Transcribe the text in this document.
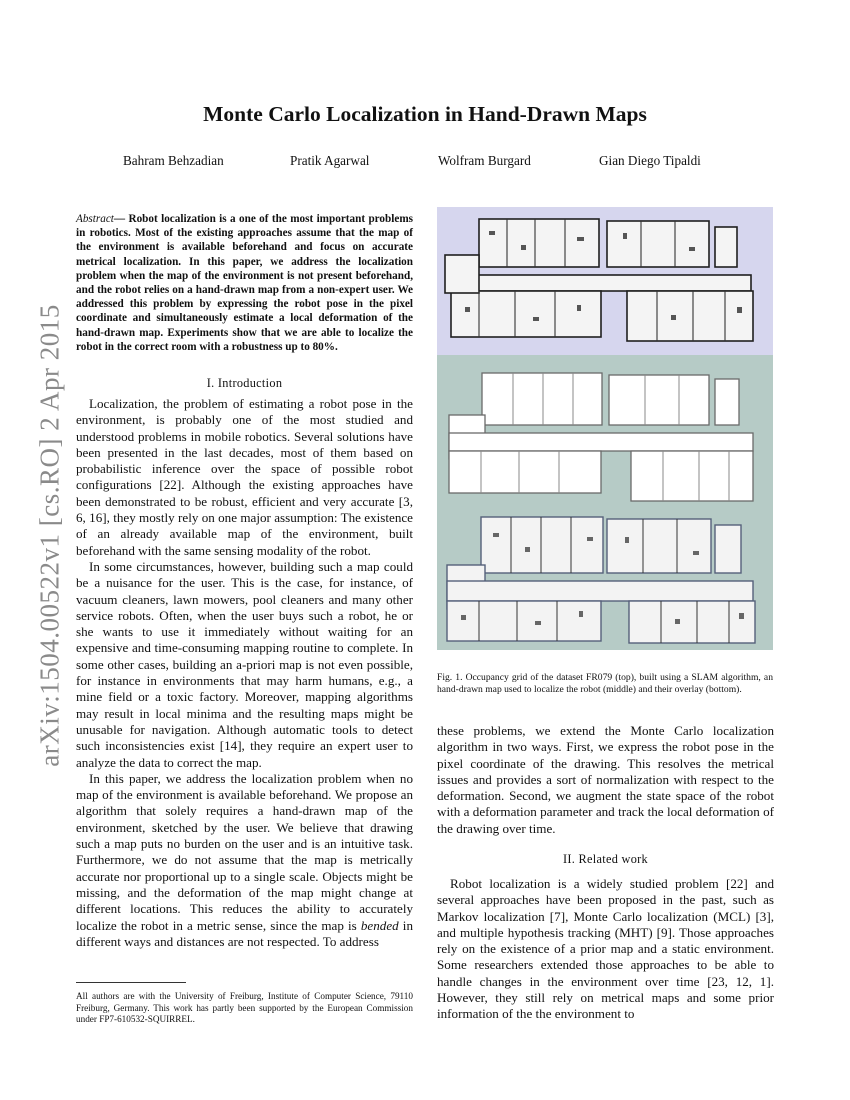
arXiv:1504.00522v1 [cs.RO] 2 Apr 2015
Monte Carlo Localization in Hand-Drawn Maps
Bahram Behzadian	Pratik Agarwal	Wolfram Burgard	Gian Diego Tipaldi
Abstract— Robot localization is a one of the most important problems in robotics. Most of the existing approaches assume that the map of the environment is available beforehand and focus on accurate metrical localization. In this paper, we address the localization problem when the map of the environment is not present beforehand, and the robot relies on a hand-drawn map from a non-expert user. We addressed this problem by expressing the robot pose in the pixel coordinate and simultaneously estimate a local deformation of the hand-drawn map. Experiments show that we are able to localize the robot in the correct room with a robustness up to 80%.
I. Introduction

Localization, the problem of estimating a robot pose in the environment, is probably one of the most studied and understood problems in mobile robotics. Several solutions have been presented in the last decades, most of them based on probabilistic inference over the space of possible robot configurations [22]. Although the existing approaches have been demonstrated to be robust, efficient and very accurate [3, 6, 16], they mostly rely on one major assumption: The existence of an already available map of the environment, built beforehand with the same sensing modality of the robot.

In some circumstances, however, building such a map could be a nuisance for the user. This is the case, for instance, of vacuum cleaners, lawn mowers, pool cleaners and many other service robots. Often, when the user buys such a robot, he or she wants to use it immediately without waiting for an expensive and time-consuming mapping routine to complete. In some other cases, building an a-priori map is not even possible, for instance in environments that may harm humans, e.g., a mine field or a toxic factory. Moreover, mapping algorithms may result in local minima and the resulting maps might be unusable for navigation. Although automatic tools to detect such inconsistencies exist [14], they require an expert user to analyze the data to correct the map.

In this paper, we address the localization problem when no map of the environment is available beforehand. We propose an algorithm that solely requires a hand-drawn map of the environment, sketched by the user. We believe that drawing such a map puts no burden on the user and is an intuitive task. Furthermore, we do not assume that the map is metrically accurate nor proportional up to a single scale. Objects might be missing, and the deformation of the map might change at different locations. This reduces the ability to accurately localize the robot in a metric sense, since the map is bended in different ways and distances are not respected. To address

All authors are with the University of Freiburg, Institute of Computer Science, 79110 Freiburg, Germany. This work has partly been supported by the European Commission under FP7-610532-SQUIRREL.
Fig. 1. Occupancy grid of the dataset FR079 (top), built using a SLAM algorithm, an hand-drawn map used to localize the robot (middle) and their overlay (bottom).

these problems, we extend the Monte Carlo localization algorithm in two ways. First, we express the robot pose in the pixel coordinate of the drawing. This resolves the metrical issues and provides a sort of normalization with respect to the deformation. Second, we augment the state space of the robot with a deformation parameter and track the local deformation of the drawing over time.

II. Related work

Robot localization is a widely studied problem [22] and several approaches have been proposed in the past, such as Markov localization [7], Monte Carlo localization (MCL) [3], and multiple hypothesis tracking (MHT) [9]. Those approaches rely on the existence of a prior map and a static environment. Some researchers extended those approaches to be able to handle changes in the environment over time [23, 12, 1]. However, they still rely on metrical maps and some prior information of the the environment to
